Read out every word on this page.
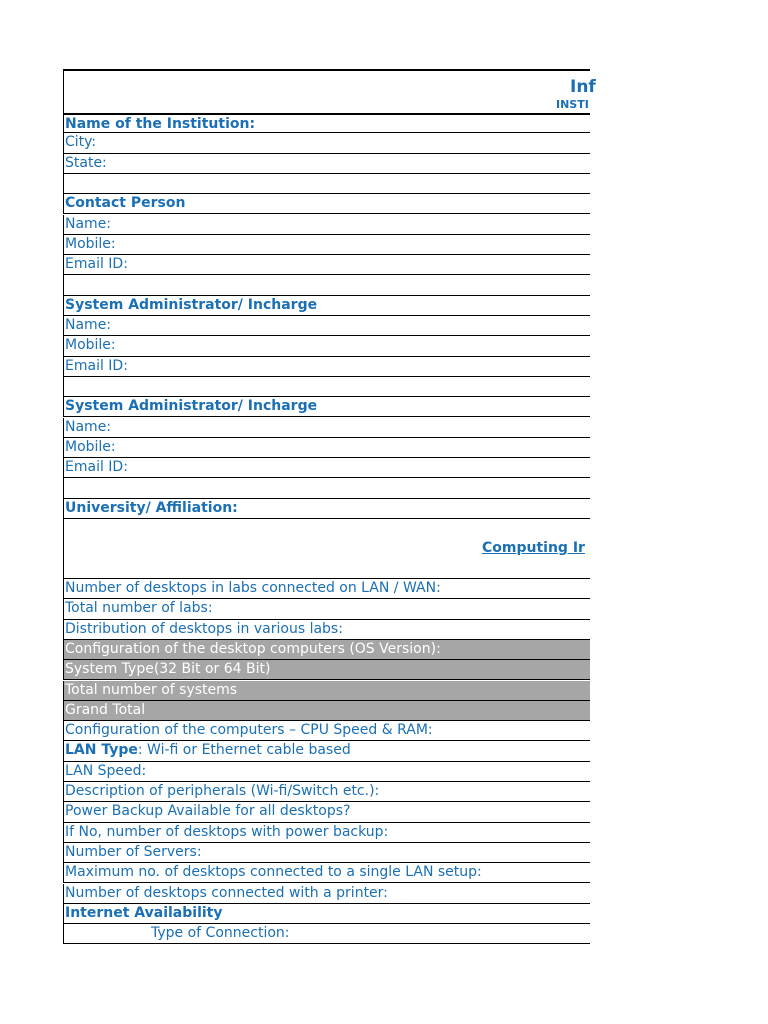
Inf
INSTI
Name of the Institution:
City:
State:
Contact Person
Name:
Mobile:
Email ID:
System Administrator/ Incharge
Name:
Mobile:
Email ID:
System Administrator/ Incharge
Name:
Mobile:
Email ID:
University/ Affiliation:
Computing Ir
Number of desktops in labs connected on LAN / WAN:
Total number of labs:
Distribution of desktops in various labs:
Configuration of the desktop computers (OS Version):
System Type(32 Bit or 64 Bit)
Total number of systems
Grand Total
Configuration of the computers – CPU Speed & RAM:
LAN Type: Wi-fi or Ethernet cable based
LAN Speed:
Description of peripherals (Wi-fi/Switch etc.):
Power Backup Available for all desktops?
If No, number of desktops with power backup:
Number of Servers:
Maximum no. of desktops connected to a single LAN setup:
Number of desktops connected with a printer:
Internet Availability
Type of Connection:
